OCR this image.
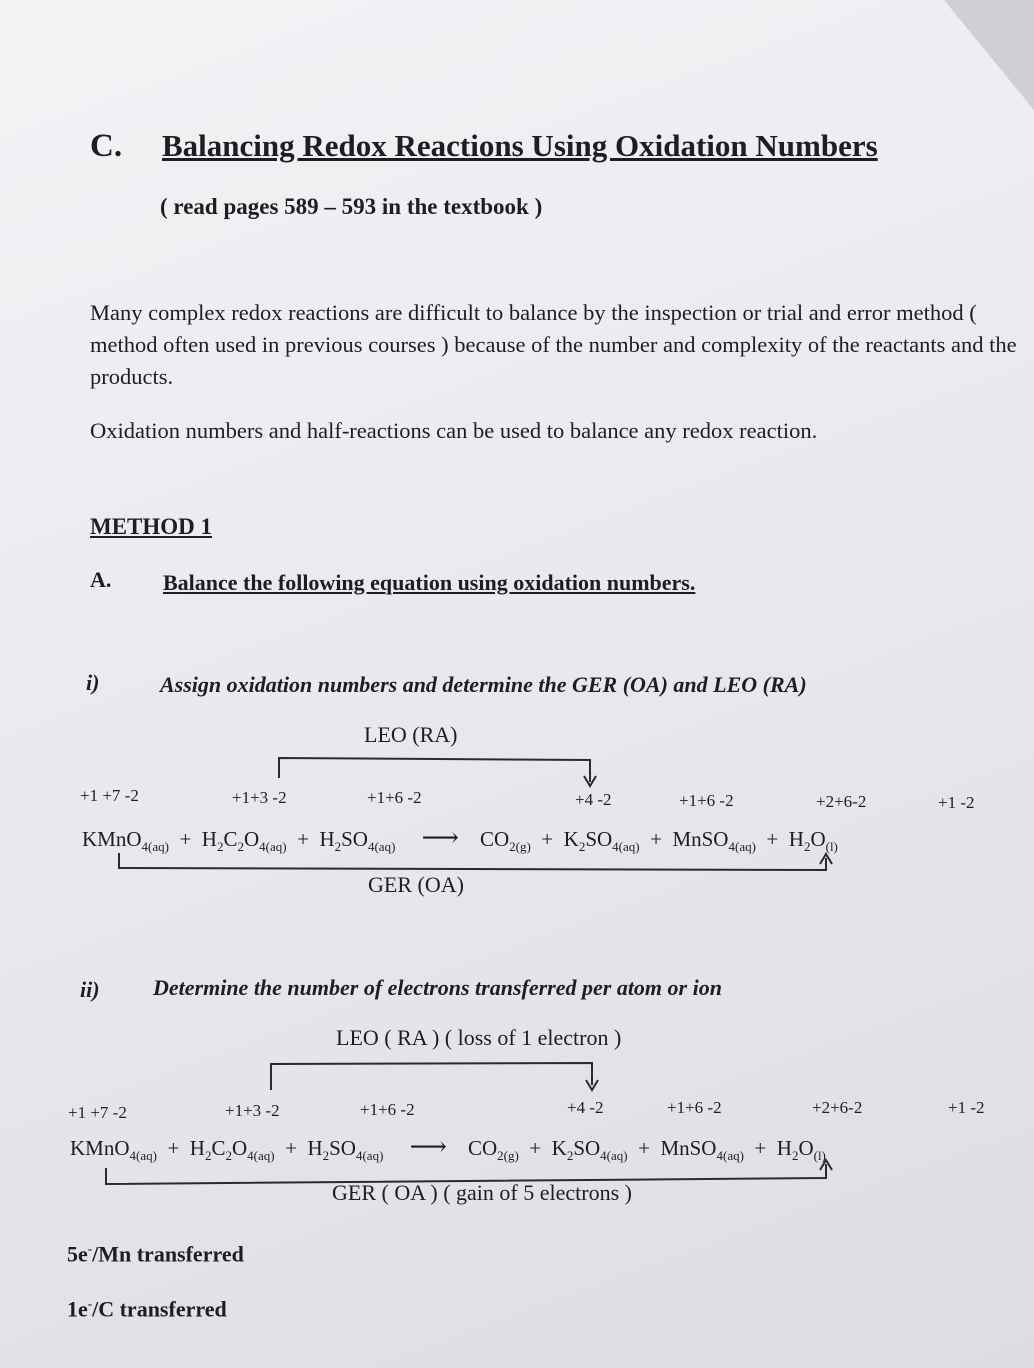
C. Balancing Redox Reactions Using Oxidation Numbers
( read pages 589 – 593 in the textbook )
Many complex redox reactions are difficult to balance by the inspection or trial and error method ( method often used in previous courses ) because of the number and complexity of the reactants and the products.
Oxidation numbers and half-reactions can be used to balance any redox reaction.
METHOD 1
A. Balance the following equation using oxidation numbers.
i)	Assign oxidation numbers and determine the GER (OA) and LEO (RA)
LEO (RA)
+1 +7 -2	+1+3 -2	+1+6 -2	+4 -2	+1+6 -2	+2+6-2	+1 -2
KMnO$_{4(aq)}$ + $H_2C_2O_{4(aq)} + H_2SO_{4(aq)}$ ⟶ $CO_{2(g)} + K_2SO_{4(aq)}$ + MnSO$_{4(aq)}$ + $H_2O_{(l)}$
GER (OA)
ii) Determine the number of electrons transferred per atom or ion
LEO ( RA ) ( loss of 1 electron )
+1 +7 -2	+1+3 -2	+1+6 -2	+4 -2	+1+6 -2	+2+6-2	+1 -2
KMnO$_{4(aq)}$ + $H_2C_2O_{4(aq)} + H_2SO_{4(aq)}$ ⟶ $CO_{2(g)} + K_2SO_{4(aq)}$ + MnSO$_{4(aq)}$ + $H_2O_{(l)}$
GER ( OA ) ( gain of 5 electrons )
5e-/Mn transferred
1e-/C transferred
